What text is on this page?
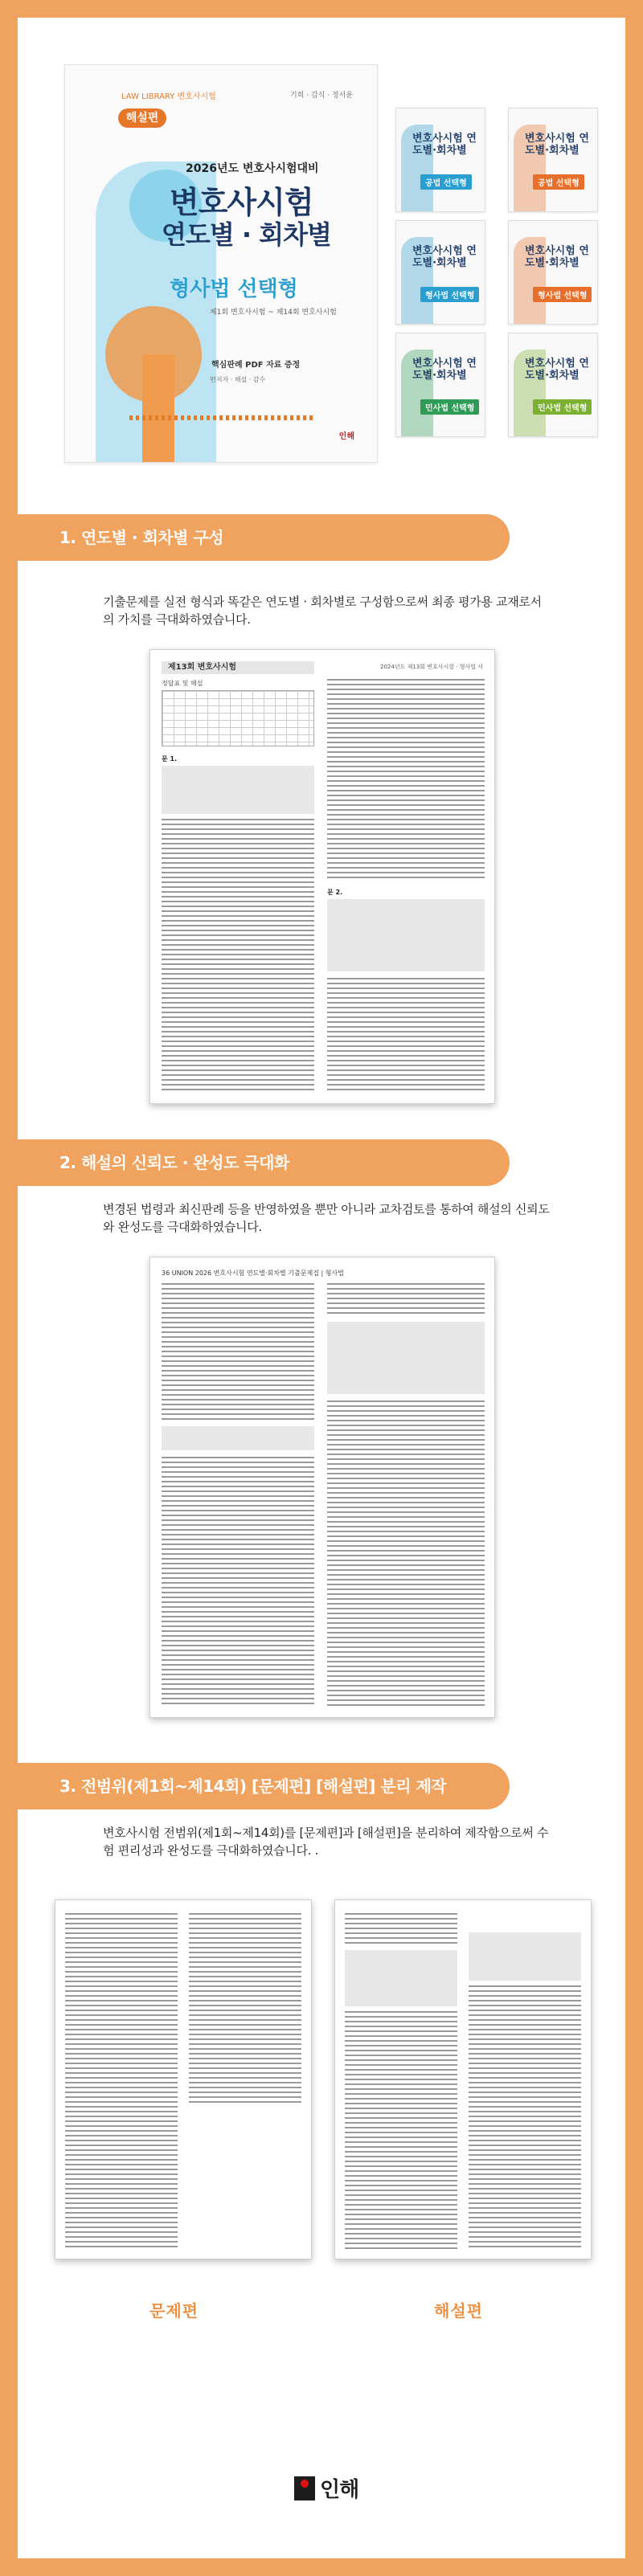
LAW LIBRARY 변호사시험
해설편
기희 · 갑식 · 정서윤
2026년도 변호사시험대비
변호사시험
연도별 · 회차별
형사법 선택형
제1회 변호사시험 ~ 제14회 변호사시험
핵심판례 PDF 자료 증정
편저자 · 해설 · 감수
인해
변호사시험 연도별·회차별
공법 선택형
변호사시험 연도별·회차별
공법 선택형
변호사시험 연도별·회차별
형사법 선택형
변호사시험 연도별·회차별
형사법 선택형
변호사시험 연도별·회차별
민사법 선택형
변호사시험 연도별·회차별
민사법 선택형
1. 연도별 · 회차별 구성
기출문제를 실전 형식과 똑같은 연도별 · 회차별로 구성함으로써 최종 평가용 교재로서 의 가치를 극대화하였습니다.
제13회 변호사시험	2024년도 제13회 변호사시험 · 형사법 서
정답표 및 해설
문 1.
문 2.
2. 해설의 신뢰도 · 완성도 극대화
변경된 법령과 최신판례 등을 반영하였을 뿐만 아니라 교차검토를 통하여 해설의 신뢰도와 완성도를 극대화하였습니다.
36 UNION 2026 변호사시험 연도별·회차별 기출문제집 | 형사법
3. 전범위(제1회~제14회) [문제편] [해설편] 분리 제작
변호사시험 전범위(제1회~제14회)를 [문제편]과 [해설편]을 분리하여 제작함으로써 수험 편리성과 완성도를 극대화하였습니다. .
문제편	해설편
인해
